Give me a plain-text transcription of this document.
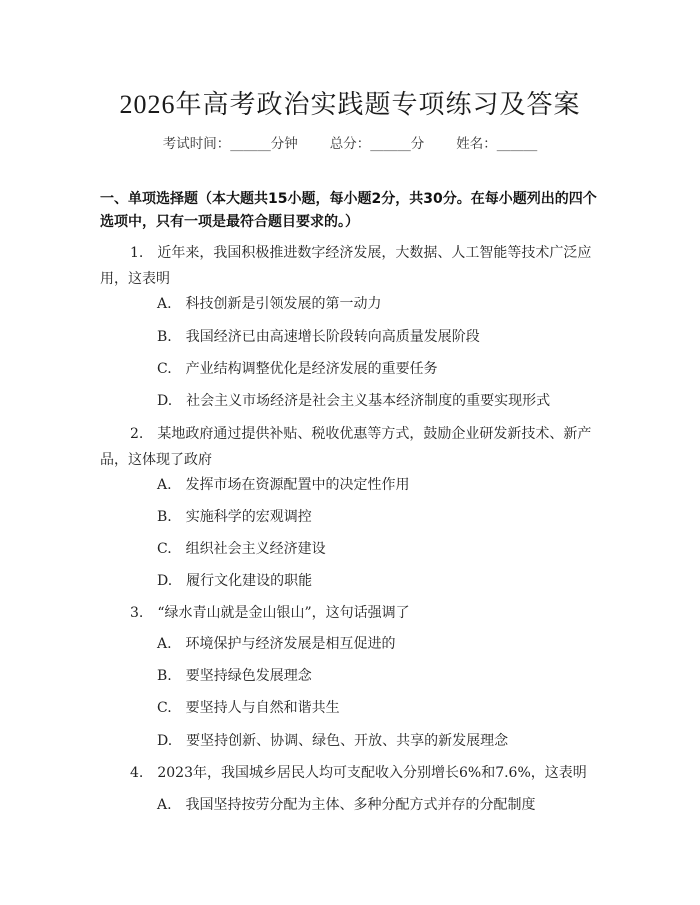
2026年高考政治实践题专项练习及答案
考试时间：______分钟 总分：______分 姓名：______
一、单项选择题（本大题共15小题，每小题2分，共30分。在每小题列出的四个选项中，只有一项是最符合题目要求的。）
1.　近年来，我国积极推进数字经济发展，大数据、人工智能等技术广泛应用，这表明
A.　科技创新是引领发展的第一动力
B.　我国经济已由高速增长阶段转向高质量发展阶段
C.　产业结构调整优化是经济发展的重要任务
D.　社会主义市场经济是社会主义基本经济制度的重要实现形式
2.　某地政府通过提供补贴、税收优惠等方式，鼓励企业研发新技术、新产品，这体现了政府
A.　发挥市场在资源配置中的决定性作用
B.　实施科学的宏观调控
C.　组织社会主义经济建设
D.　履行文化建设的职能
3.　“绿水青山就是金山银山”，这句话强调了
A.　环境保护与经济发展是相互促进的
B.　要坚持绿色发展理念
C.　要坚持人与自然和谐共生
D.　要坚持创新、协调、绿色、开放、共享的新发展理念
4.　2023年，我国城乡居民人均可支配收入分别增长6%和7.6%，这表明
A.　我国坚持按劳分配为主体、多种分配方式并存的分配制度
